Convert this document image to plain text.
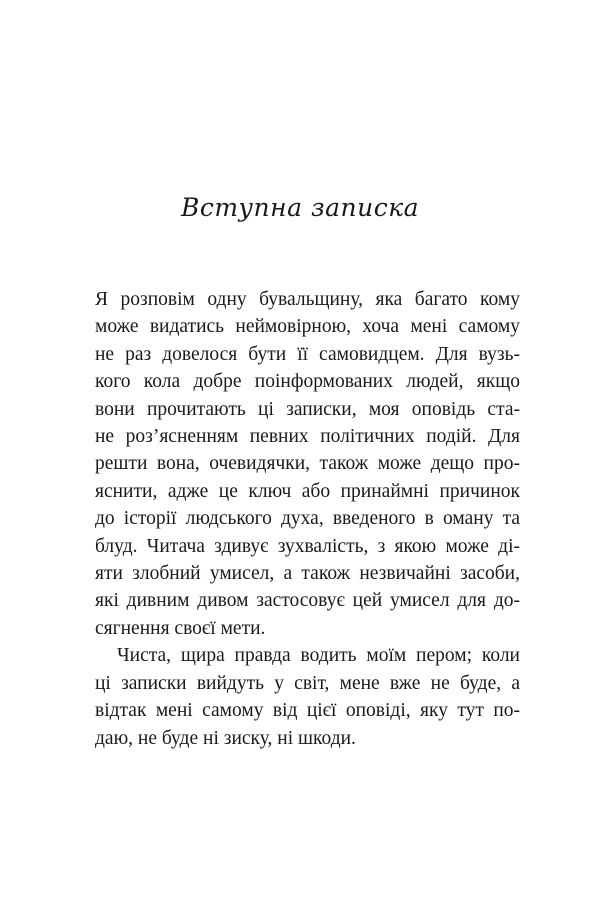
Вступна записка
Я розповім одну бувальщину, яка багато кому
може видатись неймовірною, хоча мені самому
не раз довелося бути її самовидцем. Для вузь-
кого кола добре поінформованих людей, якщо
вони прочитають ці записки, моя оповідь ста-
не роз’ясненням певних політичних подій. Для
решти вона, очевидячки, також може дещо про-
яснити, адже це ключ або принаймні причинок
до історії людського духа, введеного в оману та
блуд. Читача здивує зухвалість, з якою може ді-
яти злобний умисел, а також незвичайні засоби,
які дивним дивом застосовує цей умисел для до-
сягнення своєї мети.
Чиста, щира правда водить моїм пером; коли
ці записки вийдуть у світ, мене вже не буде, а
відтак мені самому від цієї оповіді, яку тут по-
даю, не буде ні зиску, ні шкоди.
